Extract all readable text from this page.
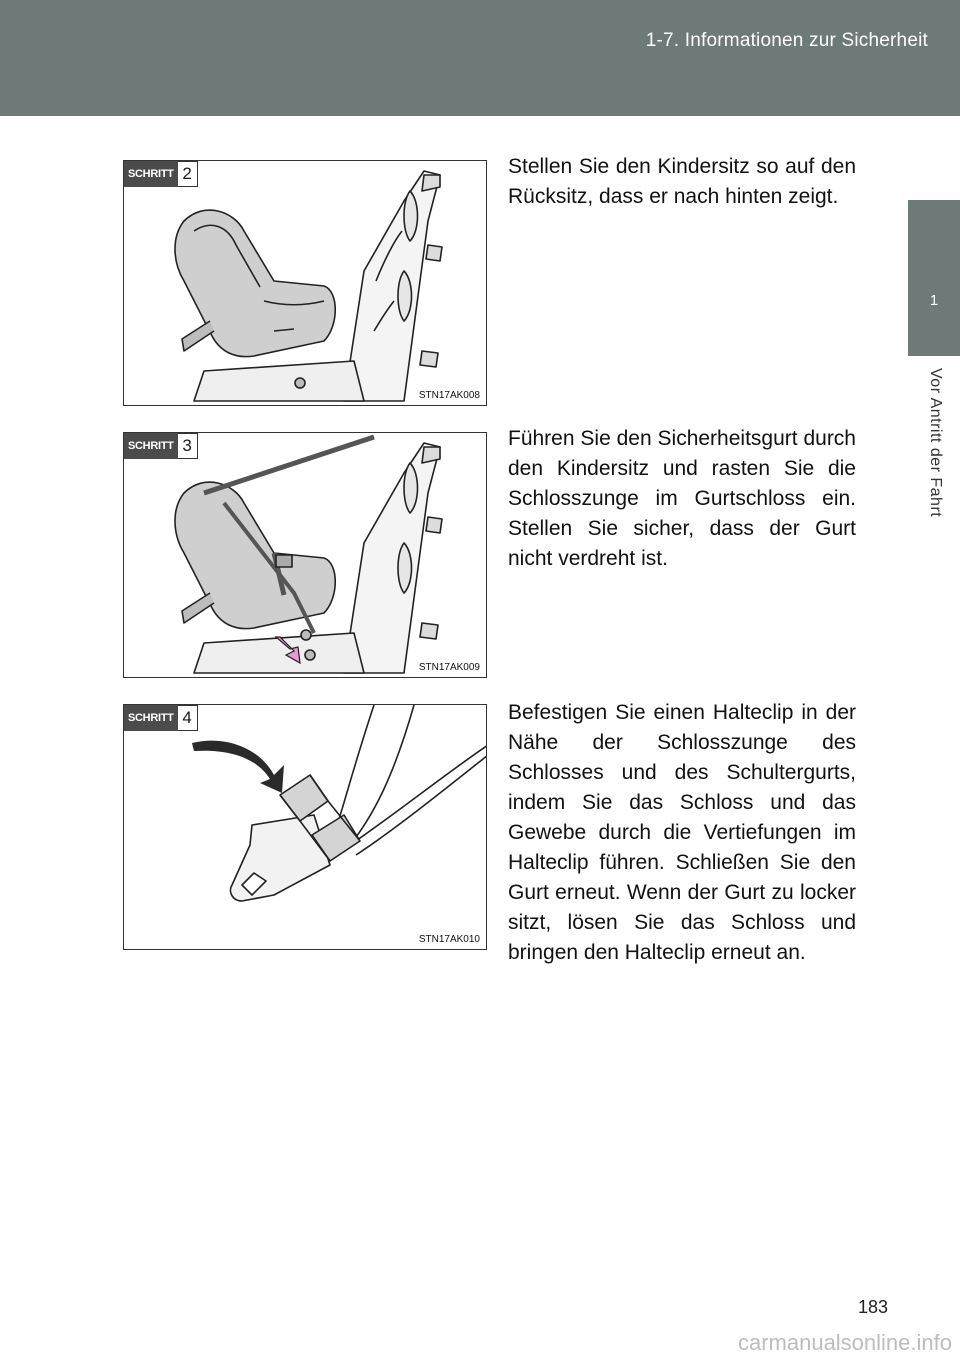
1-7. Informationen zur Sicherheit
1
Vor Antritt der Fahrt
SCHRITT 2
STN17AK008
Stellen Sie den Kindersitz so auf den Rücksitz, dass er nach hinten zeigt.
SCHRITT 3
STN17AK009
Führen Sie den Sicherheitsgurt durch den Kindersitz und rasten Sie die Schlosszunge im Gurtschloss ein. Stellen Sie sicher, dass der Gurt nicht verdreht ist.
SCHRITT 4
STN17AK010
Befestigen Sie einen Halteclip in der Nähe der Schlosszunge des Schlosses und des Schultergurts, indem Sie das Schloss und das Gewebe durch die Vertiefungen im Halteclip führen. Schließen Sie den Gurt erneut. Wenn der Gurt zu locker sitzt, lösen Sie das Schloss und bringen den Halteclip erneut an.
183
carmanualsonline.info
